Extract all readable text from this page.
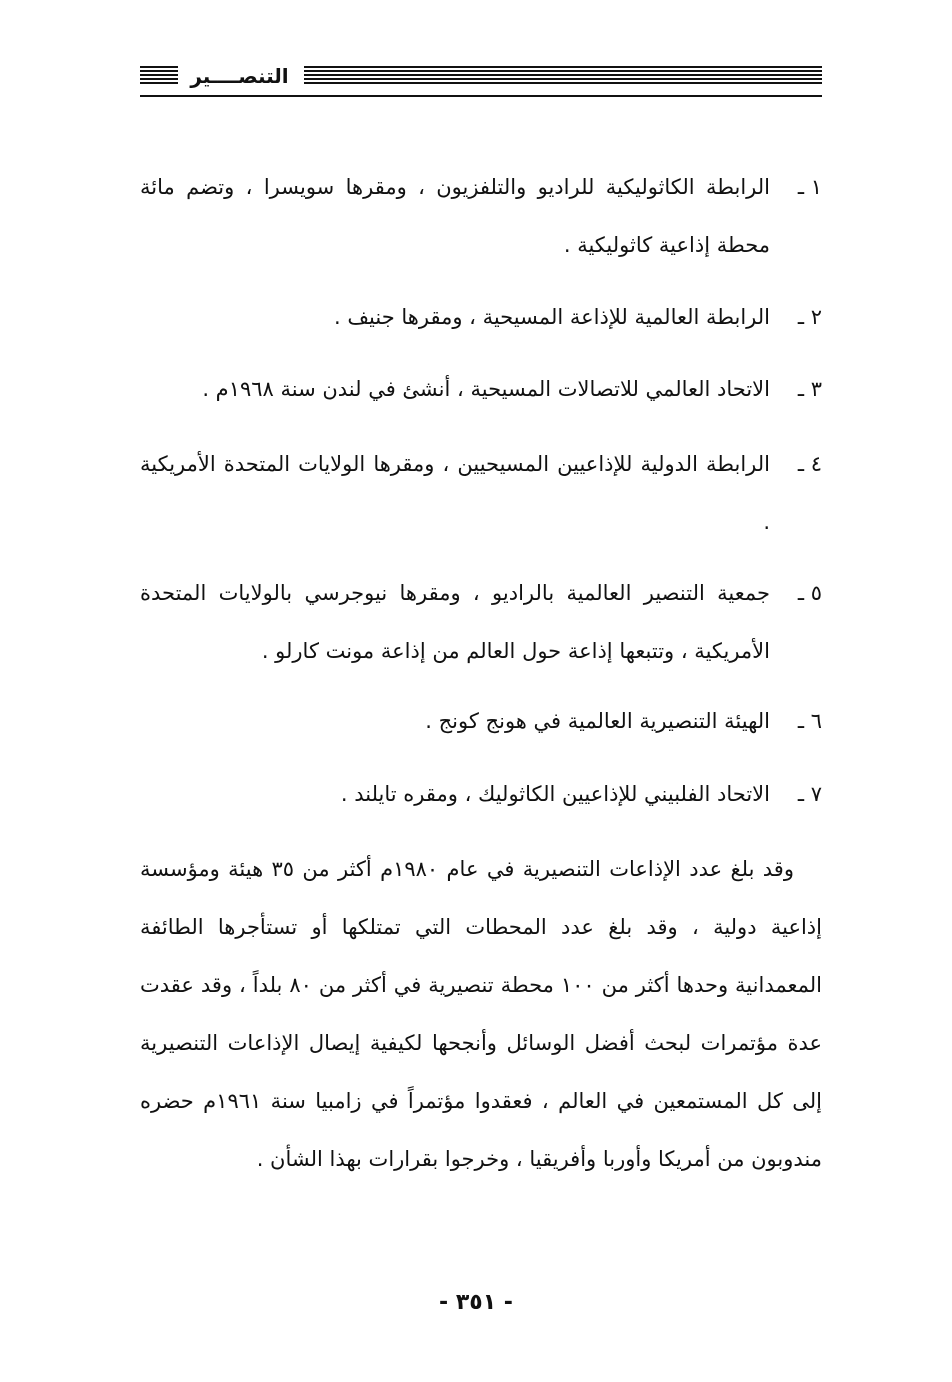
التنصــــير
١ ـ
الرابطة الكاثوليكية للراديو والتلفزيون ، ومقرها سويسرا ، وتضم مائة محطة إذاعية كاثوليكية .
٢ ـ
الرابطة العالمية للإذاعة المسيحية ، ومقرها جنيف .
٣ ـ
الاتحاد العالمي للاتصالات المسيحية ، أنشئ في لندن سنة ١٩٦٨م .
٤ ـ
الرابطة الدولية للإذاعيين المسيحيين ، ومقرها الولايات المتحدة الأمريكية .
٥ ـ
جمعية التنصير العالمية بالراديو ، ومقرها نيوجرسي بالولايات المتحدة الأمريكية ، وتتبعها إذاعة حول العالم من إذاعة مونت كارلو .
٦ ـ
الهيئة التنصيرية العالمية في هونج كونج .
٧ ـ
الاتحاد الفلبيني للإذاعيين الكاثوليك ، ومقره تايلند .
وقد بلغ عدد الإذاعات التنصيرية في عام ١٩٨٠م أكثر من ٣٥ هيئة ومؤسسة إذاعية دولية ، وقد بلغ عدد المحطات التي تمتلكها أو تستأجرها الطائفة المعمدانية وحدها أكثر من ١٠٠ محطة تنصيرية في أكثر من ٨٠ بلداً ، وقد عقدت عدة مؤتمرات لبحث أفضل الوسائل وأنجحها لكيفية إيصال الإذاعات التنصيرية إلى كل المستمعين في العالم ، فعقدوا مؤتمراً في زامبيا سنة ١٩٦١م حضره مندوبون من أمريكا وأوربا وأفريقيا ، وخرجوا بقرارات بهذا الشأن .
- ٣٥١ -
